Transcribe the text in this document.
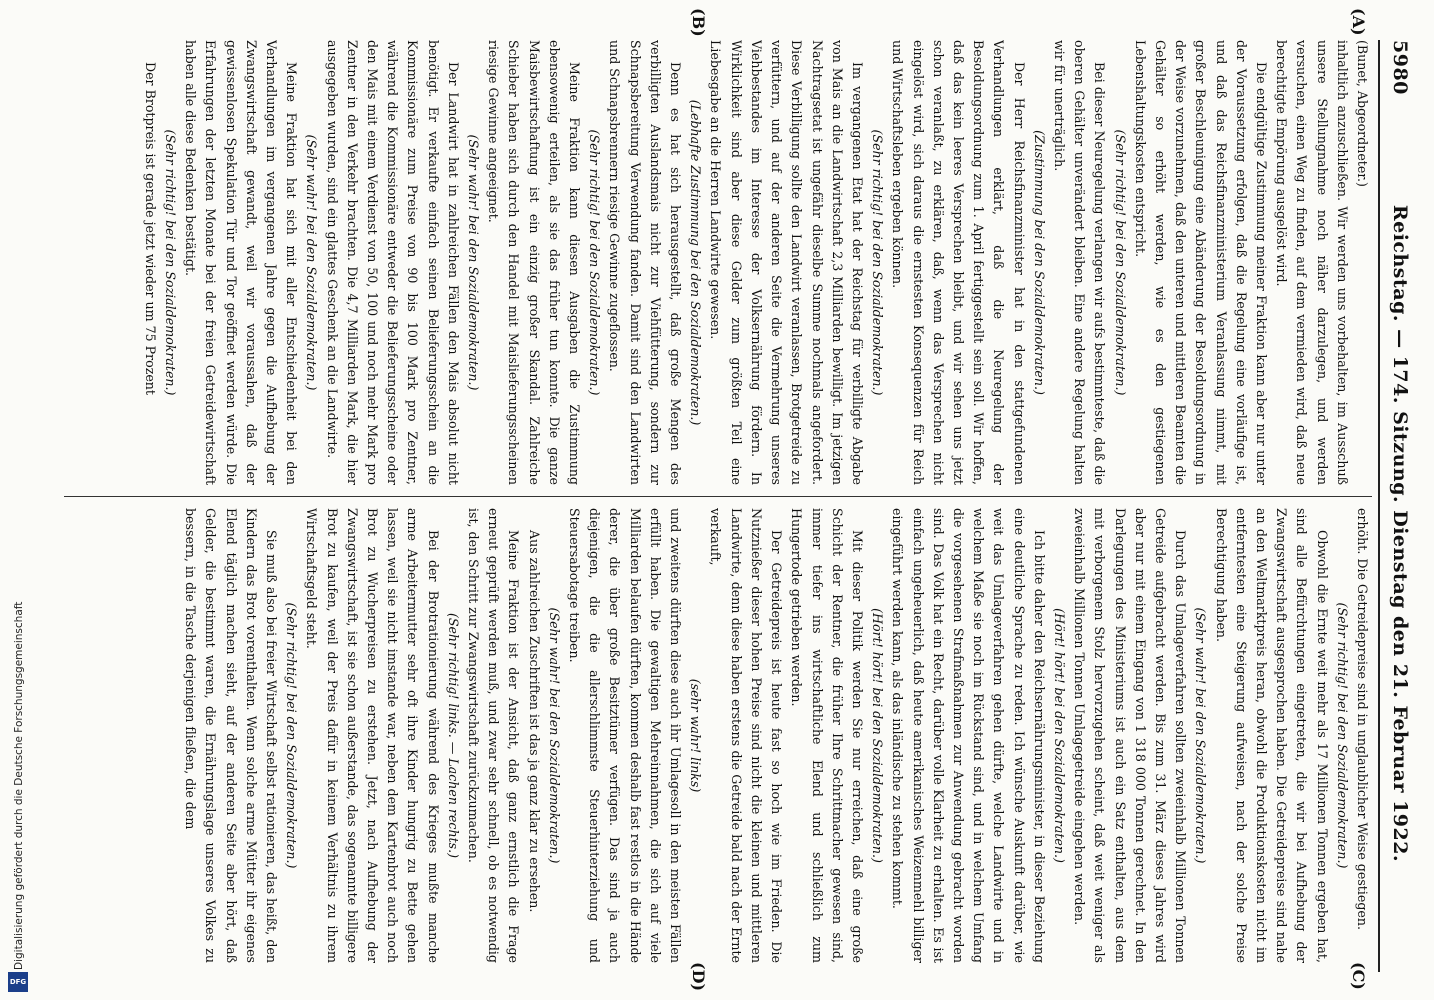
Digitalisierung gefördert durch die Deutsche Forschungsgemeinschaft
DFG
5980
Reichstag. — 174. Sitzung. Dienstag den 21. Februar 1922.
(A)
(B)
(C)
(D)

(Bunet, Abgeordneter.)

inhaltlich anzuschließen. Wir werden uns vorbehalten, im Ausschuß unsere Stellungnahme noch näher darzulegen, und werden versuchen, einen Weg zu finden, auf dem vermieden wird, daß neue berechtigte Empörung ausgelöst wird.

Die endgültige Zustimmung meiner Fraktion kann aber nur unter der Voraussetzung erfolgen, daß die Regelung eine vorläufige ist, und daß das Reichsfinanzministerium Veranlassung nimmt, mit großer Beschleunigung eine Abänderung der Besoldungsordnung in der Weise vorzunehmen, daß den unteren und mittleren Beamten die Gehälter so erhöht werden, wie es den gestiegenen Lebenshaltungskosten entspricht.

(Sehr richtig! bei den Sozialdemokraten.)

Bei dieser Neuregelung verlangen wir aufs bestimmteste, daß die oberen Gehälter unverändert bleiben. Eine andere Regelung halten wir für unerträglich.

(Zustimmung bei den Sozialdemokraten.)

Der Herr Reichsfinanzminister hat in den stattgefundenen Verhandlungen erklärt, daß die Neuregelung der Besoldungsordnung zum 1. April fertiggestellt sein soll. Wir hoffen, daß das kein leeres Versprechen bleibt, und wir sehen uns jetzt schon veranlaßt, zu erklären, daß, wenn das Versprechen nicht eingelöst wird, sich daraus die ernstesten Konsequenzen für Reich und Wirtschaftsleben ergeben können.

(Sehr richtig! bei den Sozialdemokraten.)

Im vergangenen Etat hat der Reichstag für verbilligte Abgabe von Mais an die Landwirtschaft 2,3 Milliarden bewilligt. Im jetzigen Nachtragsetat ist ungefähr dieselbe Summe nochmals angefordert. Diese Verbilligung sollte den Landwirt veranlassen, Brotgetreide zu verfüttern, und auf der anderen Seite die Vermehrung unseres Viehbestandes im Interesse der Volksernährung fördern. In Wirklichkeit sind aber diese Gelder zum größten Teil eine Liebesgabe an die Herren Landwirte gewesen.

(Lebhafte Zustimmung bei den Sozialdemokraten.)

Denn es hat sich herausgestellt, daß große Mengen des verbilligten Auslandsmais nicht zur Viehfütterung, sondern zur Schnapsbereitung Verwendung fanden. Damit sind den Landwirten und Schnapsbrennern riesige Gewinne zugeflossen.

(Sehr richtig! bei den Sozialdemokraten.)

Meine Fraktion kann diesen Ausgaben die Zustimmung ebensowenig erteilen, als sie das früher tun konnte. Die ganze Maisbewirtschaftung ist ein einzig großer Skandal. Zahlreiche Schieber haben sich durch den Handel mit Maislieferungsscheinen riesige Gewinne angeeignet.

(Sehr wahr! bei den Sozialdemokraten.)

Der Landwirt hat in zahlreichen Fällen den Mais absolut nicht benötigt. Er verkaufte einfach seinen Belieferungsschein an die Kommissionäre zum Preise von 90 bis 100 Mark pro Zentner, während die Kommissionäre entweder die Belieferungsscheine oder den Mais mit einem Verdienst von 50, 100 und noch mehr Mark pro Zentner in den Verkehr brachten. Die 4,7 Milliarden Mark, die hier ausgegeben wurden, sind ein glattes Geschenk an die Landwirte.

(Sehr wahr! bei den Sozialdemokraten.)

Meine Fraktion hat sich mit aller Entschiedenheit bei den Verhandlungen im vergangenen Jahre gegen die Aufhebung der Zwangswirtschaft gewandt, weil wir voraussahen, daß der gewissenlosen Spekulation Tür und Tor geöffnet werden würde. Die Erfahrungen der letzten Monate bei der freien Getreidewirtschaft haben alle diese Bedenken bestätigt.

(Sehr richtig! bei den Sozialdemokraten.)

Der Brotpreis ist gerade jetzt wieder um 75 Prozent

erhöht. Die Getreidepreise sind in unglaublicher Weise gestiegen.

(Sehr richtig! bei den Sozialdemokraten.)

Obwohl die Ernte weit mehr als 17 Millionen Tonnen ergeben hat, sind alle Befürchtungen eingetreten, die wir bei Aufhebung der Zwangswirtschaft ausgesprochen haben. Die Getreidepreise sind nahe an den Weltmarktpreis heran, obwohl die Produktionskosten nicht im entferntesten eine Steigerung aufweisen, nach der solche Preise Berechtigung haben.

(Sehr wahr! bei den Sozialdemokraten.)

Durch das Umlageverfahren sollten zweieinhalb Millionen Tonnen Getreide aufgebracht werden. Bis zum 31. März dieses Jahres wird aber nur mit einem Eingang von 1 318 000 Tonnen gerechnet. In den Darlegungen des Ministeriums ist auch ein Satz enthalten, aus dem mit verborgenem Stolz hervorzugehen scheint, daß weit weniger als zweieinhalb Millionen Tonnen Umlagegetreide eingehen werden.

(Hört! hört! bei den Sozialdemokraten.)

Ich bitte daher den Reichsernährungsminister, in dieser Beziehung eine deutliche Sprache zu reden. Ich wünsche Auskunft darüber, wie weit das Umlageverfahren gehen dürfte, welche Landwirte und in welchem Maße sie noch im Rückstand sind, und in welchem Umfang die vorgesehenen Strafmaßnahmen zur Anwendung gebracht worden sind. Das Volk hat ein Recht, darüber volle Klarheit zu erhalten. Es ist einfach ungeheuerlich, daß heute amerikanisches Weizenmehl billiger eingeführt werden kann, als das inländische zu stehen kommt.

(Hört! hört! bei den Sozialdemokraten.)

Mit dieser Politik werden Sie nur erreichen, daß eine große Schicht der Rentner, die früher Ihre Schrittmacher gewesen sind, immer tiefer ins wirtschaftliche Elend und schließlich zum Hungertode getrieben werden.

Der Getreidepreis ist heute fast so hoch wie im Frieden. Die Nutznießer dieser hohen Preise sind nicht die kleinen und mittleren Landwirte, denn diese haben erstens die Getreide bald nach der Ernte verkauft,

(sehr wahr! links)

und zweitens dürften diese auch ihr Umlagesoll in den meisten Fällen erfüllt haben. Die gewaltigen Mehreinnahmen, die sich auf viele Milliarden belaufen dürften, kommen deshalb fast restlos in die Hände derer, die über große Besitztümer verfügen. Das sind ja auch diejenigen, die die allerschlimmste Steuerhinterziehung und Steuersabotage treiben.

(Sehr wahr! bei den Sozialdemokraten.)

Aus zahlreichen Zuschriften ist das ja ganz klar zu ersehen.

Meine Fraktion ist der Ansicht, daß ganz ernstlich die Frage erneut geprüft werden muß, und zwar sehr schnell, ob es notwendig ist, den Schritt zur Zwangswirtschaft zurückzumachen.

(Sehr richtig! links. — Lachen rechts.)

Bei der Brotrationierung während des Krieges mußte manche arme Arbeitermutter sehr oft ihre Kinder hungrig zu Bette gehen lassen, weil sie nicht imstande war, neben dem Kartenbrot auch noch Brot zu Wucherpreisen zu erstehen. Jetzt, nach Aufhebung der Zwangswirtschaft, ist sie schon außerstande, das sogenannte billigere Brot zu kaufen, weil der Preis dafür in keinem Verhältnis zu ihrem Wirtschaftsgeld steht.

(Sehr richtig! bei den Sozialdemokraten.)

Sie muß also bei freier Wirtschaft selbst rationieren, das heißt, den Kindern das Brot vorenthalten. Wenn solche arme Mütter ihr eigenes Elend täglich machen sieht, auf der anderen Seite aber hört, daß Gelder, die bestimmt waren, die Ernährungslage unseres Volkes zu bessern, in die Tasche derjenigen fließen, die dem
